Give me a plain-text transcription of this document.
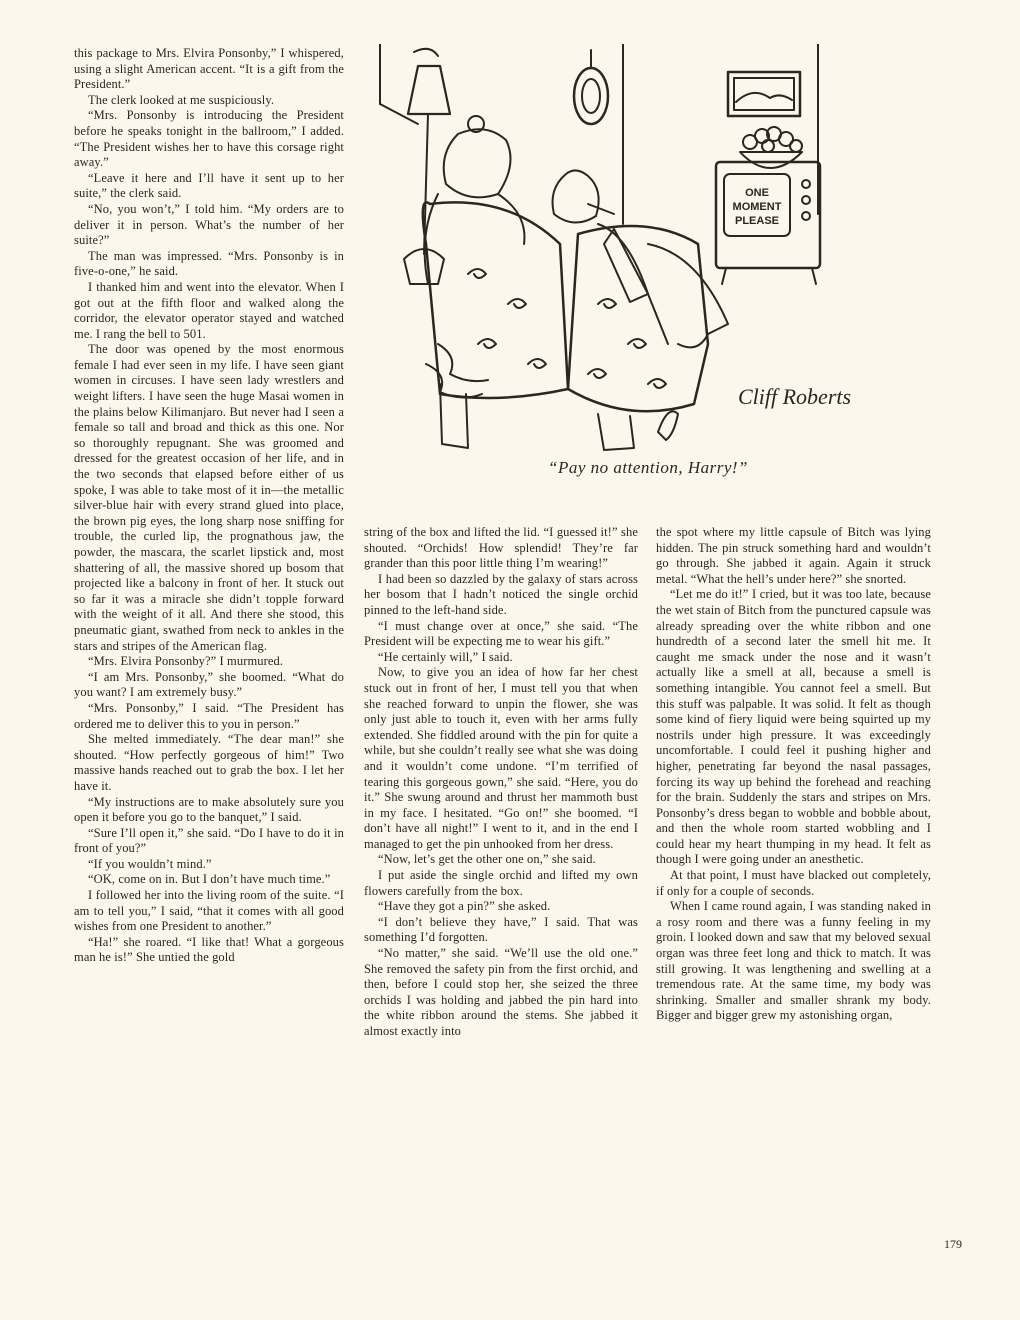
ONE
MOMENT
PLEASE
Cliff Roberts
“Pay no attention, Harry!”

this package to Mrs. Elvira Ponsonby,” I whispered, using a slight American accent. “It is a gift from the President.”

The clerk looked at me suspiciously.

“Mrs. Ponsonby is introducing the President before he speaks tonight in the ballroom,” I added. “The President wishes her to have this corsage right away.”

“Leave it here and I’ll have it sent up to her suite,” the clerk said.

“No, you won’t,” I told him. “My orders are to deliver it in person. What’s the number of her suite?”

The man was impressed. “Mrs. Ponsonby is in five-o-one,” he said.

I thanked him and went into the elevator. When I got out at the fifth floor and walked along the corridor, the elevator operator stayed and watched me. I rang the bell to 501.

The door was opened by the most enormous female I had ever seen in my life. I have seen giant women in circuses. I have seen lady wrestlers and weight lifters. I have seen the huge Masai women in the plains below Kilimanjaro. But never had I seen a female so tall and broad and thick as this one. Nor so thoroughly repugnant. She was groomed and dressed for the greatest occasion of her life, and in the two seconds that elapsed before either of us spoke, I was able to take most of it in—the metallic silver-blue hair with every strand glued into place, the brown pig eyes, the long sharp nose sniffing for trouble, the curled lip, the prognathous jaw, the powder, the mascara, the scarlet lipstick and, most shattering of all, the massive shored up bosom that projected like a balcony in front of her. It stuck out so far it was a miracle she didn’t topple forward with the weight of it all. And there she stood, this pneumatic giant, swathed from neck to ankles in the stars and stripes of the American flag.

“Mrs. Elvira Ponsonby?” I murmured.

“I am Mrs. Ponsonby,” she boomed. “What do you want? I am extremely busy.”

“Mrs. Ponsonby,” I said. “The President has ordered me to deliver this to you in person.”

She melted immediately. “The dear man!” she shouted. “How perfectly gorgeous of him!” Two massive hands reached out to grab the box. I let her have it.

“My instructions are to make absolutely sure you open it before you go to the banquet,” I said.

“Sure I’ll open it,” she said. “Do I have to do it in front of you?”

“If you wouldn’t mind.”

“OK, come on in. But I don’t have much time.”

I followed her into the living room of the suite. “I am to tell you,” I said, “that it comes with all good wishes from one President to another.”

“Ha!” she roared. “I like that! What a gorgeous man he is!” She untied the gold

string of the box and lifted the lid. “I guessed it!” she shouted. “Orchids! How splendid! They’re far grander than this poor little thing I’m wearing!”

I had been so dazzled by the galaxy of stars across her bosom that I hadn’t noticed the single orchid pinned to the left-hand side.

“I must change over at once,” she said. “The President will be expecting me to wear his gift.”

“He certainly will,” I said.

Now, to give you an idea of how far her chest stuck out in front of her, I must tell you that when she reached forward to unpin the flower, she was only just able to touch it, even with her arms fully extended. She fiddled around with the pin for quite a while, but she couldn’t really see what she was doing and it wouldn’t come undone. “I’m terrified of tearing this gorgeous gown,” she said. “Here, you do it.” She swung around and thrust her mammoth bust in my face. I hesitated. “Go on!” she boomed. “I don’t have all night!” I went to it, and in the end I managed to get the pin unhooked from her dress.

“Now, let’s get the other one on,” she said.

I put aside the single orchid and lifted my own flowers carefully from the box.

“Have they got a pin?” she asked.

“I don’t believe they have,” I said. That was something I’d forgotten.

“No matter,” she said. “We’ll use the old one.” She removed the safety pin from the first orchid, and then, before I could stop her, she seized the three orchids I was holding and jabbed the pin hard into the white ribbon around the stems. She jabbed it almost exactly into

the spot where my little capsule of Bitch was lying hidden. The pin struck something hard and wouldn’t go through. She jabbed it again. Again it struck metal. “What the hell’s under here?” she snorted.

“Let me do it!” I cried, but it was too late, because the wet stain of Bitch from the punctured capsule was already spreading over the white ribbon and one hundredth of a second later the smell hit me. It caught me smack under the nose and it wasn’t actually like a smell at all, because a smell is something intangible. You cannot feel a smell. But this stuff was palpable. It was solid. It felt as though some kind of fiery liquid were being squirted up my nostrils under high pressure. It was exceedingly uncomfortable. I could feel it pushing higher and higher, penetrating far beyond the nasal passages, forcing its way up behind the forehead and reaching for the brain. Suddenly the stars and stripes on Mrs. Ponsonby’s dress began to wobble and bobble about, and then the whole room started wobbling and I could hear my heart thumping in my head. It felt as though I were going under an anesthetic.

At that point, I must have blacked out completely, if only for a couple of seconds.

When I came round again, I was standing naked in a rosy room and there was a funny feeling in my groin. I looked down and saw that my beloved sexual organ was three feet long and thick to match. It was still growing. It was lengthening and swelling at a tremendous rate. At the same time, my body was shrinking. Smaller and smaller shrank my body. Bigger and bigger grew my astonishing organ,

179
